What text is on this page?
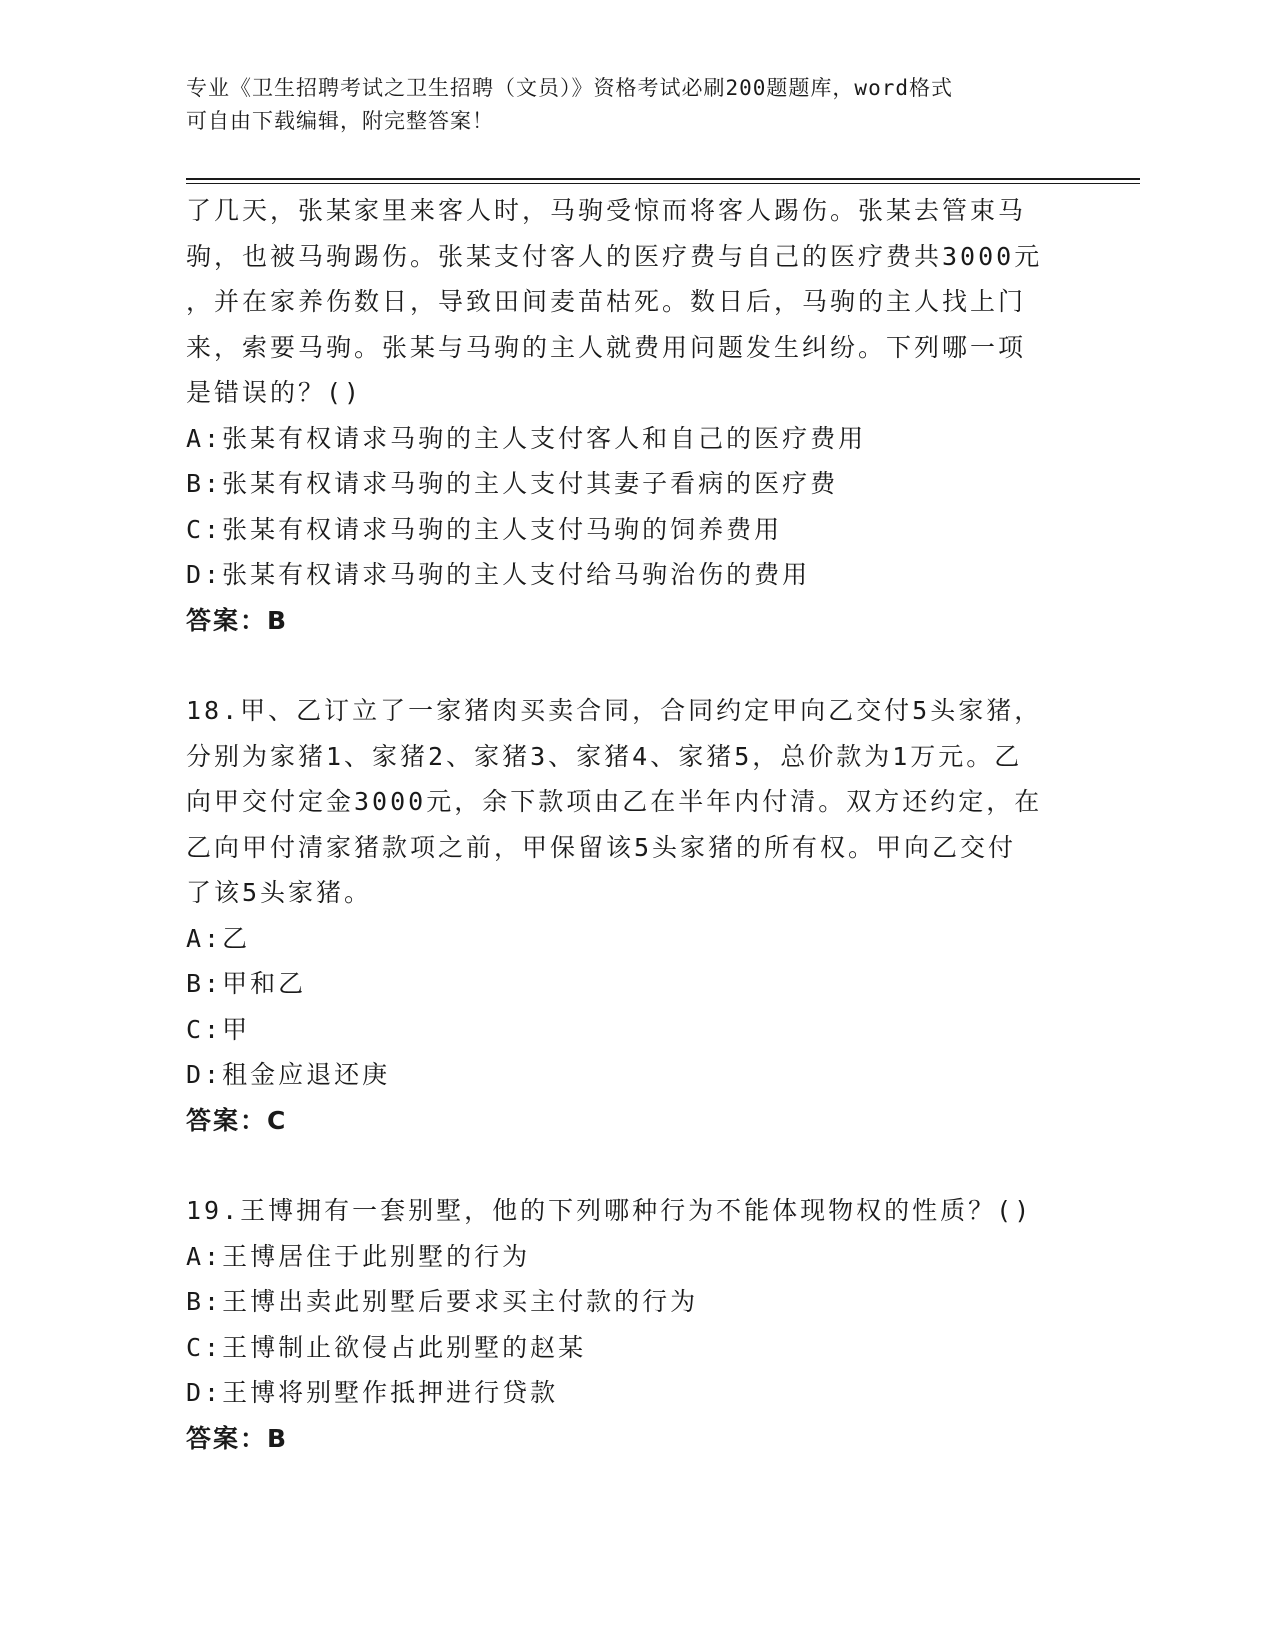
专业《卫生招聘考试之卫生招聘（文员）》资格考试必刷200题题库，word格式
可自由下载编辑，附完整答案！
了几天，张某家里来客人时，马驹受惊而将客人踢伤。张某去管束马
驹，也被马驹踢伤。张某支付客人的医疗费与自己的医疗费共3000元
，并在家养伤数日，导致田间麦苗枯死。数日后，马驹的主人找上门
来，索要马驹。张某与马驹的主人就费用问题发生纠纷。下列哪一项
是错误的？()
A:张某有权请求马驹的主人支付客人和自己的医疗费用
B:张某有权请求马驹的主人支付其妻子看病的医疗费
C:张某有权请求马驹的主人支付马驹的饲养费用
D:张某有权请求马驹的主人支付给马驹治伤的费用
答案：B
18.甲、乙订立了一家猪肉买卖合同，合同约定甲向乙交付5头家猪，
分别为家猪1、家猪2、家猪3、家猪4、家猪5，总价款为1万元。乙
向甲交付定金3000元，余下款项由乙在半年内付清。双方还约定，在
乙向甲付清家猪款项之前，甲保留该5头家猪的所有权。甲向乙交付
了该5头家猪。
A:乙
B:甲和乙
C:甲
D:租金应退还庚
答案：C
19.王博拥有一套别墅，他的下列哪种行为不能体现物权的性质？()
A:王博居住于此别墅的行为
B:王博出卖此别墅后要求买主付款的行为
C:王博制止欲侵占此别墅的赵某
D:王博将别墅作抵押进行贷款
答案：B
